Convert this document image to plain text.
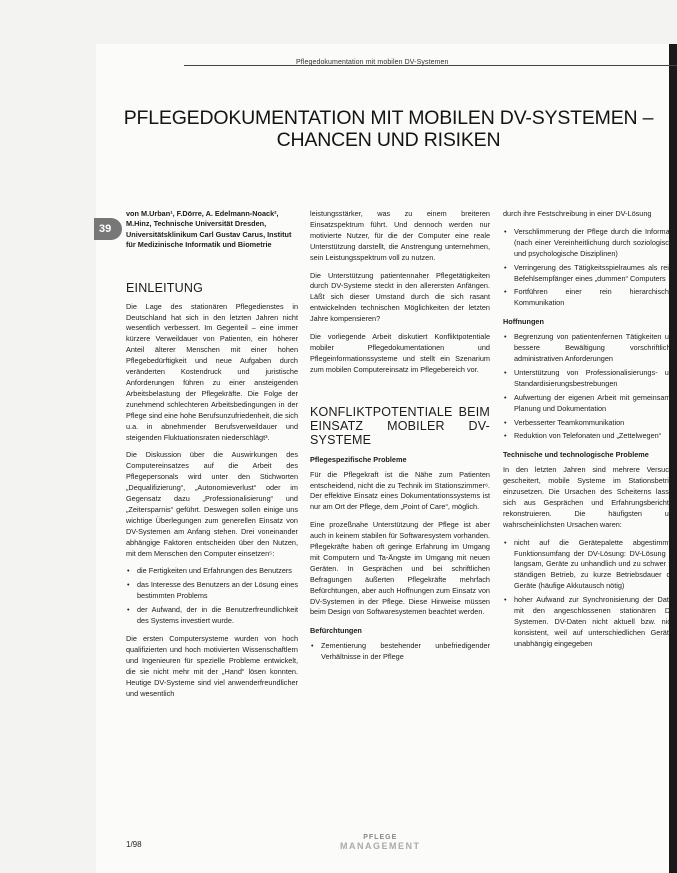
Pflegedokumentation mit mobilen DV-Systemen
PFLEGEDOKUMENTATION MIT MOBILEN DV-SYSTEMEN – CHANCEN UND RISIKEN
39
von M.Urban¹, F.Dörre, A. Edelmann-Noack², M.Hinz, Technische Universität Dresden, Universitätsklinikum Carl Gustav Carus, Institut für Medizinische Informatik und Biometrie
EINLEITUNG

Die Lage des stationären Pflegedienstes in Deutschland hat sich in den letzten Jahren nicht wesentlich verbessert. Im Gegenteil – eine immer kürzere Verweildauer von Patienten, ein höherer Anteil älterer Menschen mit einer hohen Pflegebedürftigkeit und neue Aufgaben durch veränderten Kostendruck und juristische Anforderungen führen zu einer ansteigenden Arbeitsbelastung der Pflegekräfte. Die Folge der zunehmend schlechteren Arbeitsbedingungen in der Pflege sind eine hohe Berufsunzufriedenheit, die sich u.a. in abnehmender Berufsverweildauer und steigenden Fluktuationsraten niederschlägt³.

Die Diskussion über die Auswirkungen des Computereinsatzes auf die Arbeit des Pflegepersonals wird unter den Stichworten „Dequalifizierung“, „Autonomieverlust“ oder im Gegensatz dazu „Professionalisierung“ und „Zeitersparnis“ geführt. Deswegen sollen einige uns wichtige Überlegungen zum generellen Einsatz von DV-Systemen am Anfang stehen. Drei voneinander abhängige Faktoren entscheiden über den Nutzen, mit dem Menschen den Computer einsetzen⁵:

• die Fertigkeiten und Erfahrungen des Benutzers
• das Interesse des Benutzers an der Lösung eines bestimmten Problems
• der Aufwand, der in die Benutzerfreundlichkeit des Systems investiert wurde.

Die ersten Computersysteme wurden von hoch qualifizierten und hoch motivierten Wissenschaftlern und Ingenieuren für spezielle Probleme entwickelt, die sie nicht mehr mit der „Hand“ lösen konnten. Heutige DV-Systeme sind viel anwenderfreundlicher und wesentlich

leistungsstärker, was zu einem breiteren Einsatzspektrum führt. Und dennoch werden nur motivierte Nutzer, für die der Computer eine reale Unterstützung darstellt, die Anstrengung unternehmen, sein Leistungsspektrum voll zu nutzen.

Die Unterstützung patientennaher Pflegetätigkeiten durch DV-Systeme steckt in den allerersten Anfängen. Läßt sich dieser Umstand durch die sich rasant entwickelnden technischen Möglichkeiten der letzten Jahre kompensieren?

Die vorliegende Arbeit diskutiert Konfliktpotentiale mobiler Pflegedokumentationen und Pflegeinformationssysteme und stellt ein Szenarium zum mobilen Computereinsatz im Pflegebereich vor.

KONFLIKTPOTENTIALE BEIM EINSATZ MOBILER DV-SYSTEME
Pflegespezifische Probleme

Für die Pflegekraft ist die Nähe zum Patienten entscheidend, nicht die zu Technik im Stationszimmer⁶. Der effektive Einsatz eines Dokumentationssystems ist nur am Ort der Pflege, dem „Point of Care“, möglich.

Eine prozeßnahe Unterstützung der Pflege ist aber auch in keinem stabilen für Softwaresystem vorhanden. Pflegekräfte haben oft geringe Erfahrung im Umgang mit Computern und Ta-Ängste im Umgang mit neuen Geräten. In Gesprächen und bei schriftlichen Befragungen äußerten Pflegekräfte mehrfach Befürchtungen, aber auch Hoffnungen zum Einsatz von DV-Systemen in der Pflege. Diese Hinweise müssen beim Design von Softwaresystemen beachtet werden.

Befürchtungen
• Zementierung bestehender unbefriedigender Verhältnisse in der Pflege

durch ihre Festschreibung in einer DV-Lösung

• Verschlimmerung der Pflege durch die Informatik (nach einer Vereinheitlichung durch soziologische und psychologische Disziplinen)
• Verringerung des Tätigkeitsspielraumes als reine Befehlsempfänger eines „dummen“ Computers
• Fortführen einer rein hierarchischen Kommunikation
Hoffnungen
• Begrenzung von patientenfernen Tätigkeiten und bessere Bewältigung vorschriftlicher administrativen Anforderungen
• Unterstützung von Professionalisierungs- und Standardisierungsbestrebungen
• Aufwertung der eigenen Arbeit mit gemeinsamer Planung und Dokumentation
• Verbesserter Teamkommunikation
• Reduktion von Telefonaten und „Zettelwegen“
Technische und technologische Probleme

In den letzten Jahren sind mehrere Versuche gescheitert, mobile Systeme im Stationsbetrieb einzusetzen. Die Ursachen des Scheiterns lassen sich aus Gesprächen und Erfahrungsberichten rekonstruieren. Die häufigsten und wahrscheinlichsten Ursachen waren:

• nicht auf die Gerätepalette abgestimmter Funktionsumfang der DV-Lösung: DV-Lösung zu langsam, Geräte zu unhandlich und zu schwer für ständigen Betrieb, zu kurze Betriebsdauer der Geräte (häufige Akkutausch nötig)
• hoher Aufwand zur Synchronisierung der Daten mit den angeschlossenen stationären DV-Systemen. DV-Daten nicht aktuell bzw. nicht konsistent, weil auf unterschiedlichen Geräten unabhängig eingegeben
1/98
PFLEGE
MANAGEMENT
